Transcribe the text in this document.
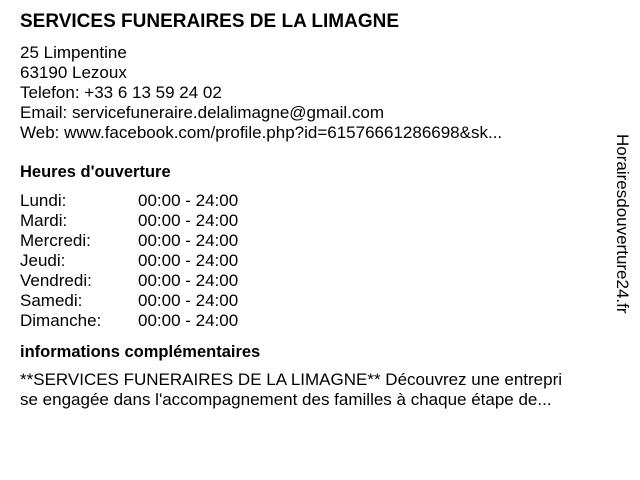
SERVICES FUNERAIRES DE LA LIMAGNE
25 Limpentine
63190 Lezoux
Telefon: +33 6 13 59 24 02
Email: servicefuneraire.delalimagne@gmail.com
Web: www.facebook.com/profile.php?id=61576661286698&sk...
Heures d'ouverture
Lundi:	00:00 - 24:00
Mardi:	00:00 - 24:00
Mercredi:	00:00 - 24:00
Jeudi:	00:00 - 24:00
Vendredi:	00:00 - 24:00
Samedi:	00:00 - 24:00
Dimanche:	00:00 - 24:00
informations complémentaires
**SERVICES FUNERAIRES DE LA LIMAGNE** Découvrez une entrepri
se engagée dans l'accompagnement des familles à chaque étape de...
Horairesdouverture24.fr
